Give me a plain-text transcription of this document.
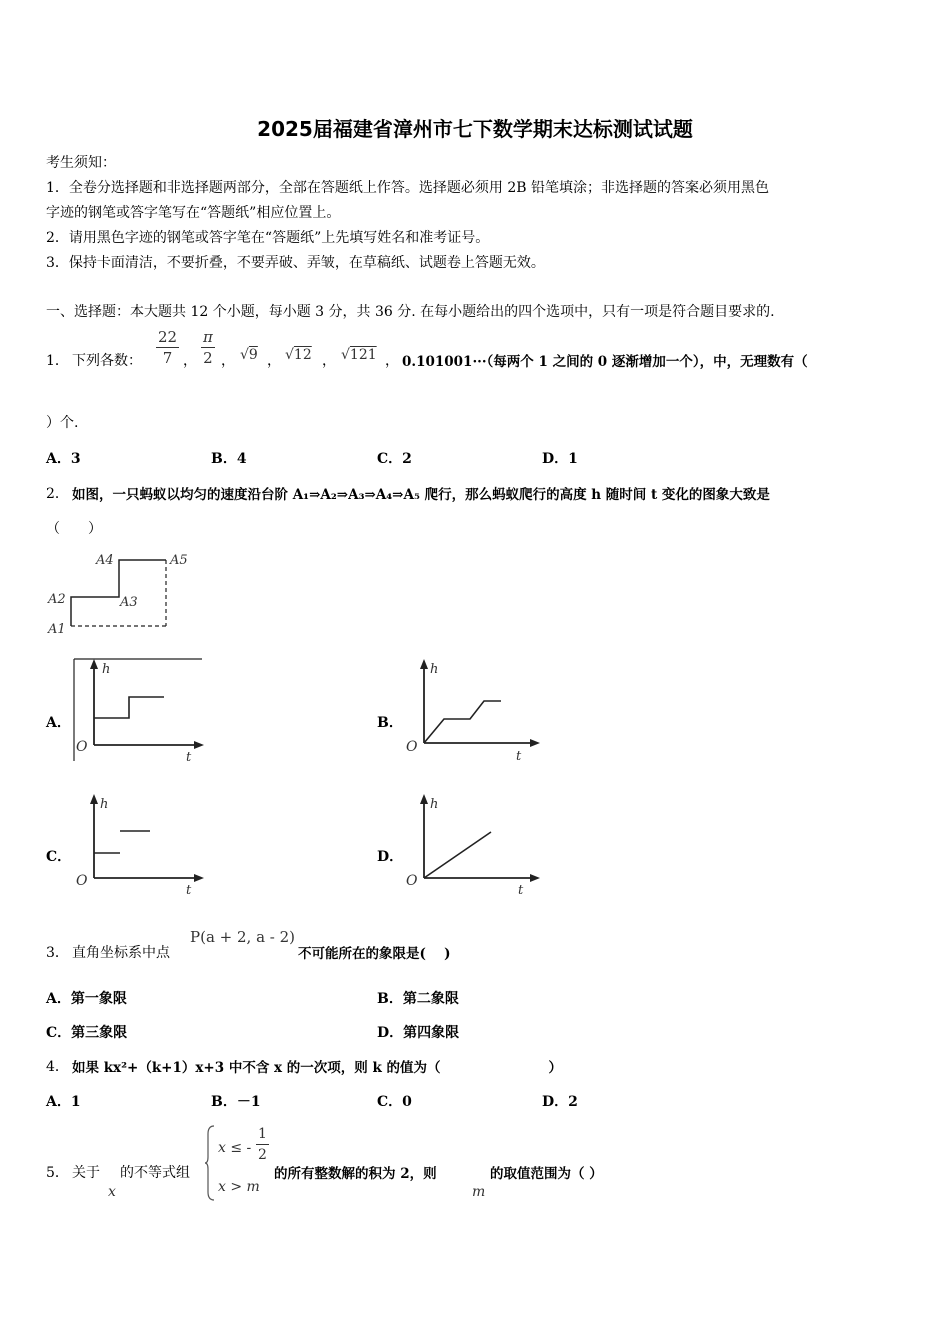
2025届福建省漳州市七下数学期末达标测试试题
考生须知：
1．全卷分选择题和非选择题两部分，全部在答题纸上作答。选择题必须用 2B 铅笔填涂；非选择题的答案必须用黑色
字迹的钢笔或答字笔写在“答题纸”相应位置上。
2．请用黑色字迹的钢笔或答字笔在“答题纸”上先填写姓名和准考证号。
3．保持卡面清洁，不要折叠，不要弄破、弄皱，在草稿纸、试题卷上答题无效。
一、选择题：本大题共 12 个小题，每小题 3 分，共 36 分. 在每小题给出的四个选项中，只有一项是符合题目要求的.
1． 下列各数： $\frac{22}{7}$ ， $\frac{\pi}{2}$ ， √9 ， √12 ， √121 ， 0.101001···（每两个 1 之间的 0 逐渐增加一个），中，无理数有（
）个.
A．3	B．4	C．2	D．1
2． 如图，一只蚂蚁以均匀的速度沿台阶 A₁⇒A₂⇒A₃⇒A₄⇒A₅ 爬行，那么蚂蚁爬行的高度 h 随时间 t 变化的图象大致是
（　　）
A4	A5
A2	A3
A1
A．
h
t
O
B．
h
t
O
C．
h
t
O
D．
h
t
O
3． 直角坐标系中点
P(a + 2, a - 2)
不可能所在的象限是(　 )
A．第一象限	B．第二象限
C．第三象限	D．第四象限
4． 如果 kx²+（k+1）x+3 中不含 x 的一次项，则 k 的值为（　　　　　　　　）
A．1	B．－1	C．0	D．2
5． 关于
x
的不等式组
x ≤ - $\frac{1}{2}$
x > m
的所有整数解的积为 2，则
m
的取值范围为（ ）
